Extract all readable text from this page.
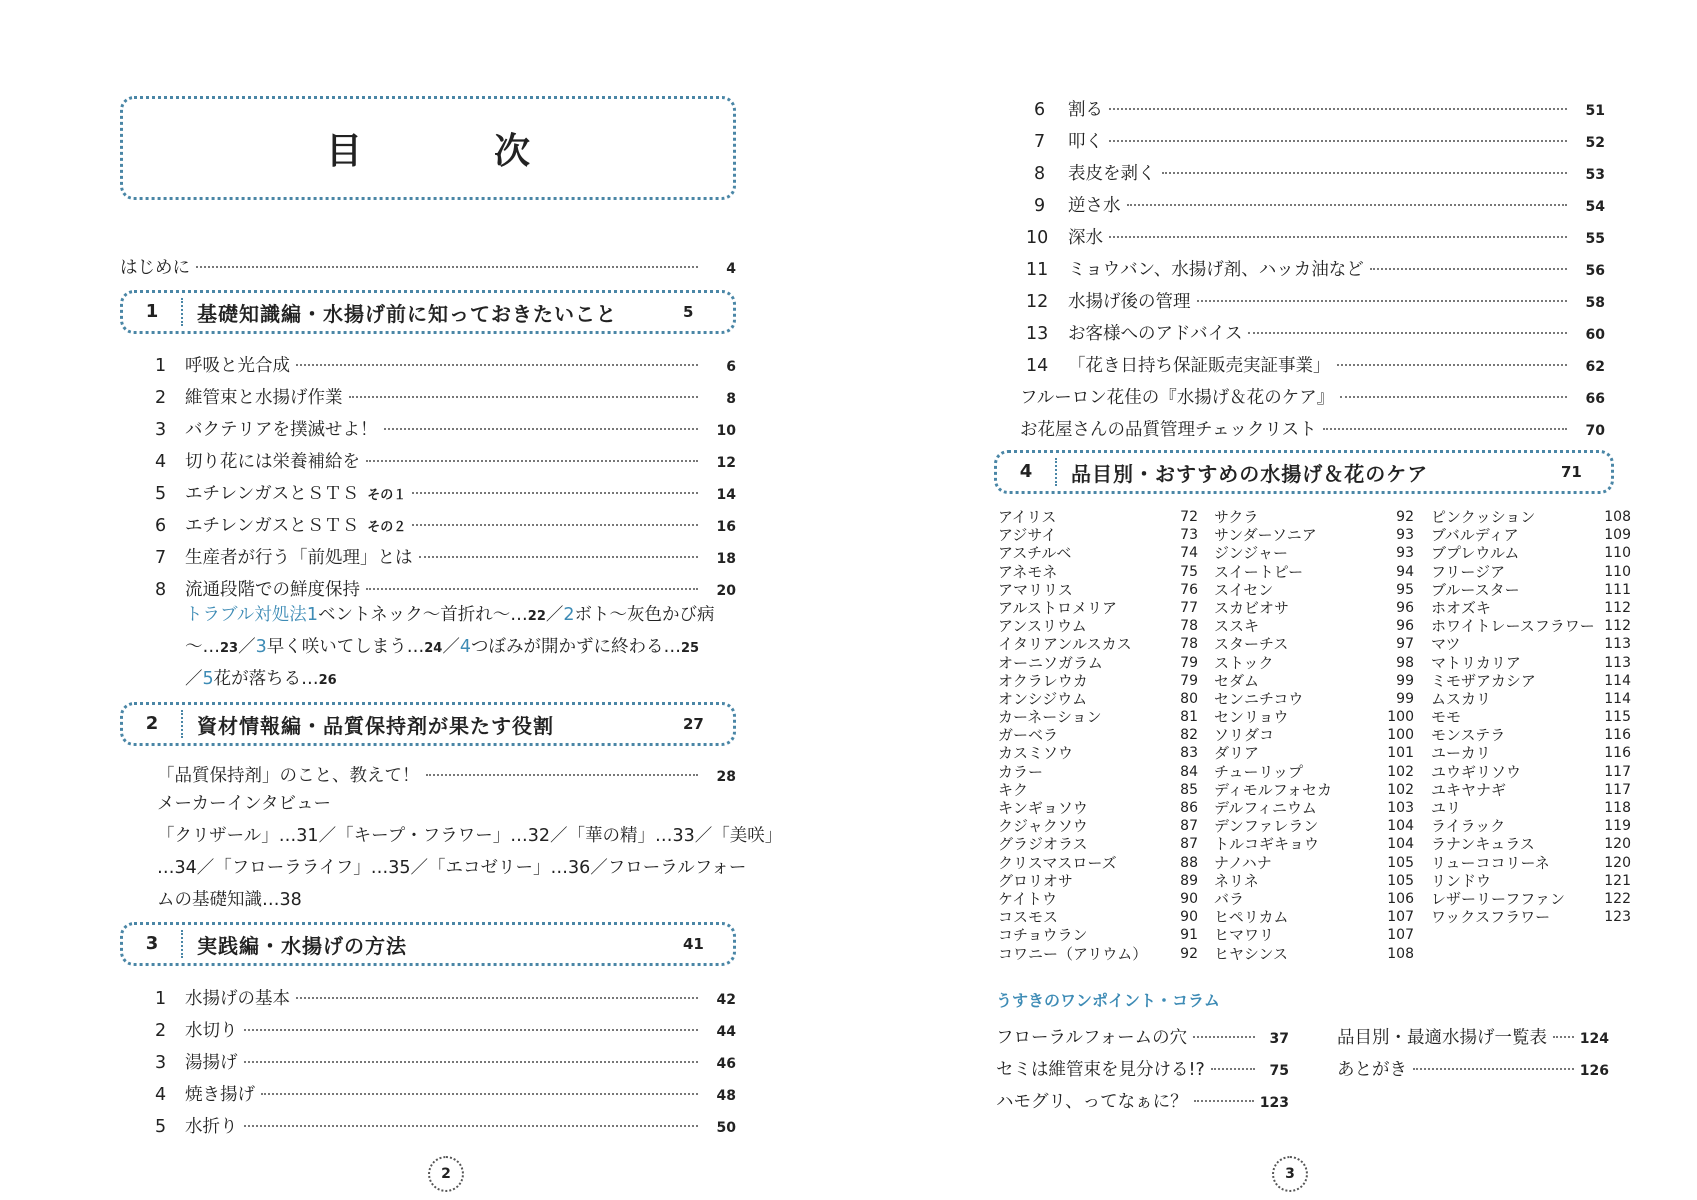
目　次
はじめに	4
1	基礎知識編・水揚げ前に知っておきたいこと	5
1	呼吸と光合成	6
2	維管束と水揚げ作業	8
3	バクテリアを撲滅せよ！	10
4	切り花には栄養補給を	12
5	エチレンガスとＳＴＳ その１	14
6	エチレンガスとＳＴＳ その２	16
7	生産者が行う「前処理」とは	18
8	流通段階での鮮度保持	20
トラブル対処法1ベントネック〜首折れ〜…22／2ボト〜灰色かび病
〜…23／3早く咲いてしまう…24／4つぼみが開かずに終わる…25
／5花が落ちる…26
2	資材情報編・品質保持剤が果たす役割	27
「品質保持剤」のこと、教えて！	28
メーカーインタビュー
「クリザール」…31／「キープ・フラワー」…32／「華の精」…33／「美咲」
…34／「フローラライフ」…35／「エコゼリー」…36／フローラルフォー
ムの基礎知識…38
3	実践編・水揚げの方法	41
1	水揚げの基本	42
2	水切り	44
3	湯揚げ	46
4	焼き揚げ	48
5	水折り	50
2
6	割る	51
7	叩く	52
8	表皮を剥く	53
9	逆さ水	54
10	深水	55
11	ミョウバン、水揚げ剤、ハッカ油など	56
12	水揚げ後の管理	58
13	お客様へのアドバイス	60
14	「花き日持ち保証販売実証事業」	62
フルーロン花佳の『水揚げ＆花のケア』	66
お花屋さんの品質管理チェックリスト	70
4	品目別・おすすめの水揚げ＆花のケア	71
アイリス	72
アジサイ	73
アスチルベ	74
アネモネ	75
アマリリス	76
アルストロメリア	77
アンスリウム	78
イタリアンルスカス	78
オーニソガラム	79
オクラレウカ	79
オンシジウム	80
カーネーション	81
ガーベラ	82
カスミソウ	83
カラー	84
キク	85
キンギョソウ	86
クジャクソウ	87
グラジオラス	87
クリスマスローズ	88
グロリオサ	89
ケイトウ	90
コスモス	90
コチョウラン	91
コワニー（アリウム） 92
サクラ	92
サンダーソニア	93
ジンジャー	93
スイートピー	94
スイセン	95
スカビオサ	96
ススキ	96
スターチス	97
ストック	98
セダム	99
センニチコウ	99
センリョウ	100
ソリダコ	100
ダリア	101
チューリップ	102
ディモルフォセカ	102
デルフィニウム	103
デンファレラン	104
トルコギキョウ	104
ナノハナ	105
ネリネ	105
バラ	106
ヒペリカム	107
ヒマワリ	107
ヒヤシンス	108
ピンクッション	108
ブバルディア	109
ブプレウルム	110
フリージア	110
ブルースター	111
ホオズキ	112
ホワイトレースフラワー 112
マツ	113
マトリカリア	113
ミモザアカシア	114
ムスカリ	114
モモ	115
モンステラ	116
ユーカリ	116
ユウギリソウ	117
ユキヤナギ	117
ユリ	118
ライラック	119
ラナンキュラス	120
リューココリーネ	120
リンドウ	121
レザーリーフファン	122
ワックスフラワー	123
うすきのワンポイント・コラム
フローラルフォームの穴	37
セミは維管束を見分ける!?	75
ハモグリ、ってなぁに？	123
品目別・最適水揚げ一覧表 124
あとがき	126
3
